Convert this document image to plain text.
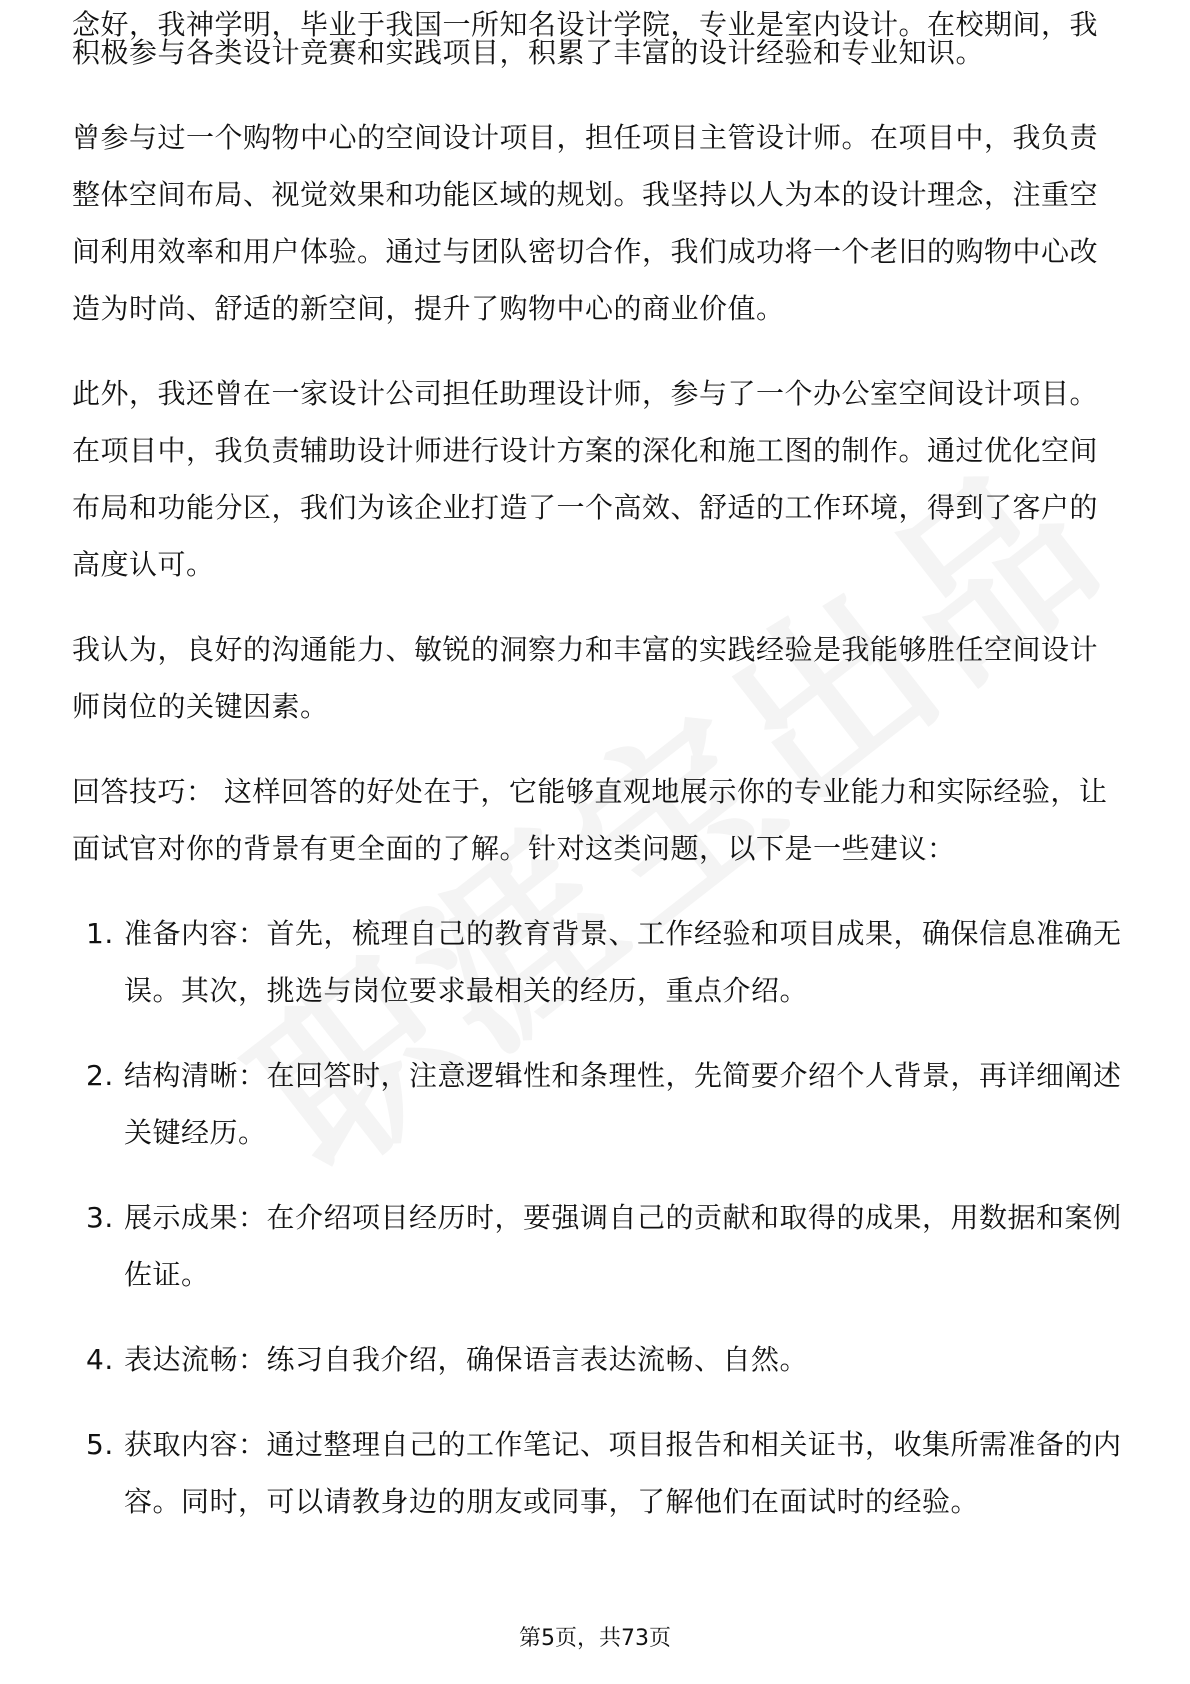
念好，我神学明，毕业于我国一所知名设计学院，专业是室内设计。在校期间，我

积极参与各类设计竞赛和实践项目，积累了丰富的设计经验和专业知识。

曾参与过一个购物中心的空间设计项目，担任项目主管设计师。在项目中，我负责整体空间布局、视觉效果和功能区域的规划。我坚持以人为本的设计理念，注重空间利用效率和用户体验。通过与团队密切合作，我们成功将一个老旧的购物中心改造为时尚、舒适的新空间，提升了购物中心的商业价值。

此外，我还曾在一家设计公司担任助理设计师，参与了一个办公室空间设计项目。在项目中，我负责辅助设计师进行设计方案的深化和施工图的制作。通过优化空间布局和功能分区，我们为该企业打造了一个高效、舒适的工作环境，得到了客户的高度认可。

我认为，良好的沟通能力、敏锐的洞察力和丰富的实践经验是我能够胜任空间设计师岗位的关键因素。

回答技巧： 这样回答的好处在于，它能够直观地展示你的专业能力和实际经验，让面试官对你的背景有更全面的了解。针对这类问题，以下是一些建议：

1. 准备内容：首先，梳理自己的教育背景、工作经验和项目成果，确保信息准确无误。其次，挑选与岗位要求最相关的经历，重点介绍。
2. 结构清晰：在回答时，注意逻辑性和条理性，先简要介绍个人背景，再详细阐述关键经历。
3. 展示成果：在介绍项目经历时，要强调自己的贡献和取得的成果，用数据和案例佐证。
4. 表达流畅：练习自我介绍，确保语言表达流畅、自然。
5. 获取内容：通过整理自己的工作笔记、项目报告和相关证书，收集所需准备的内容。同时，可以请教身边的朋友或同事，了解他们在面试时的经验。
第5页，共73页
